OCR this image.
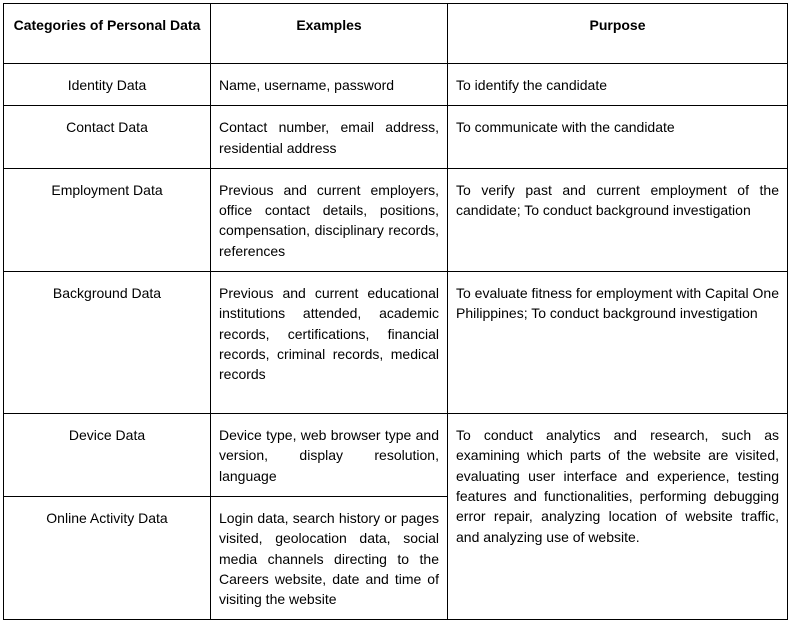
Categories of Personal Data	Examples	Purpose
Identity Data	Name, username, password	To identify the candidate
Contact Data	Contact number, email address, residential address	To communicate with the candidate
Employment Data	Previous and current employers, office contact details, positions, compensation, disciplinary records, references	To verify past and current employment of the candidate; To conduct background investigation
Background Data	Previous and current educational institutions attended, academic records, certifications, financial records, criminal records, medical records	To evaluate fitness for employment with Capital One Philippines; To conduct background investigation
Device Data	Device type, web browser type and version, display resolution, language	To conduct analytics and research, such as examining which parts of the website are visited, evaluating user interface and experience, testing features and functionalities, performing debugging error repair, analyzing location of website traffic, and analyzing use of website.
Online Activity Data	Login data, search history or pages visited, geolocation data, social media channels directing to the Careers website, date and time of visiting the website	
